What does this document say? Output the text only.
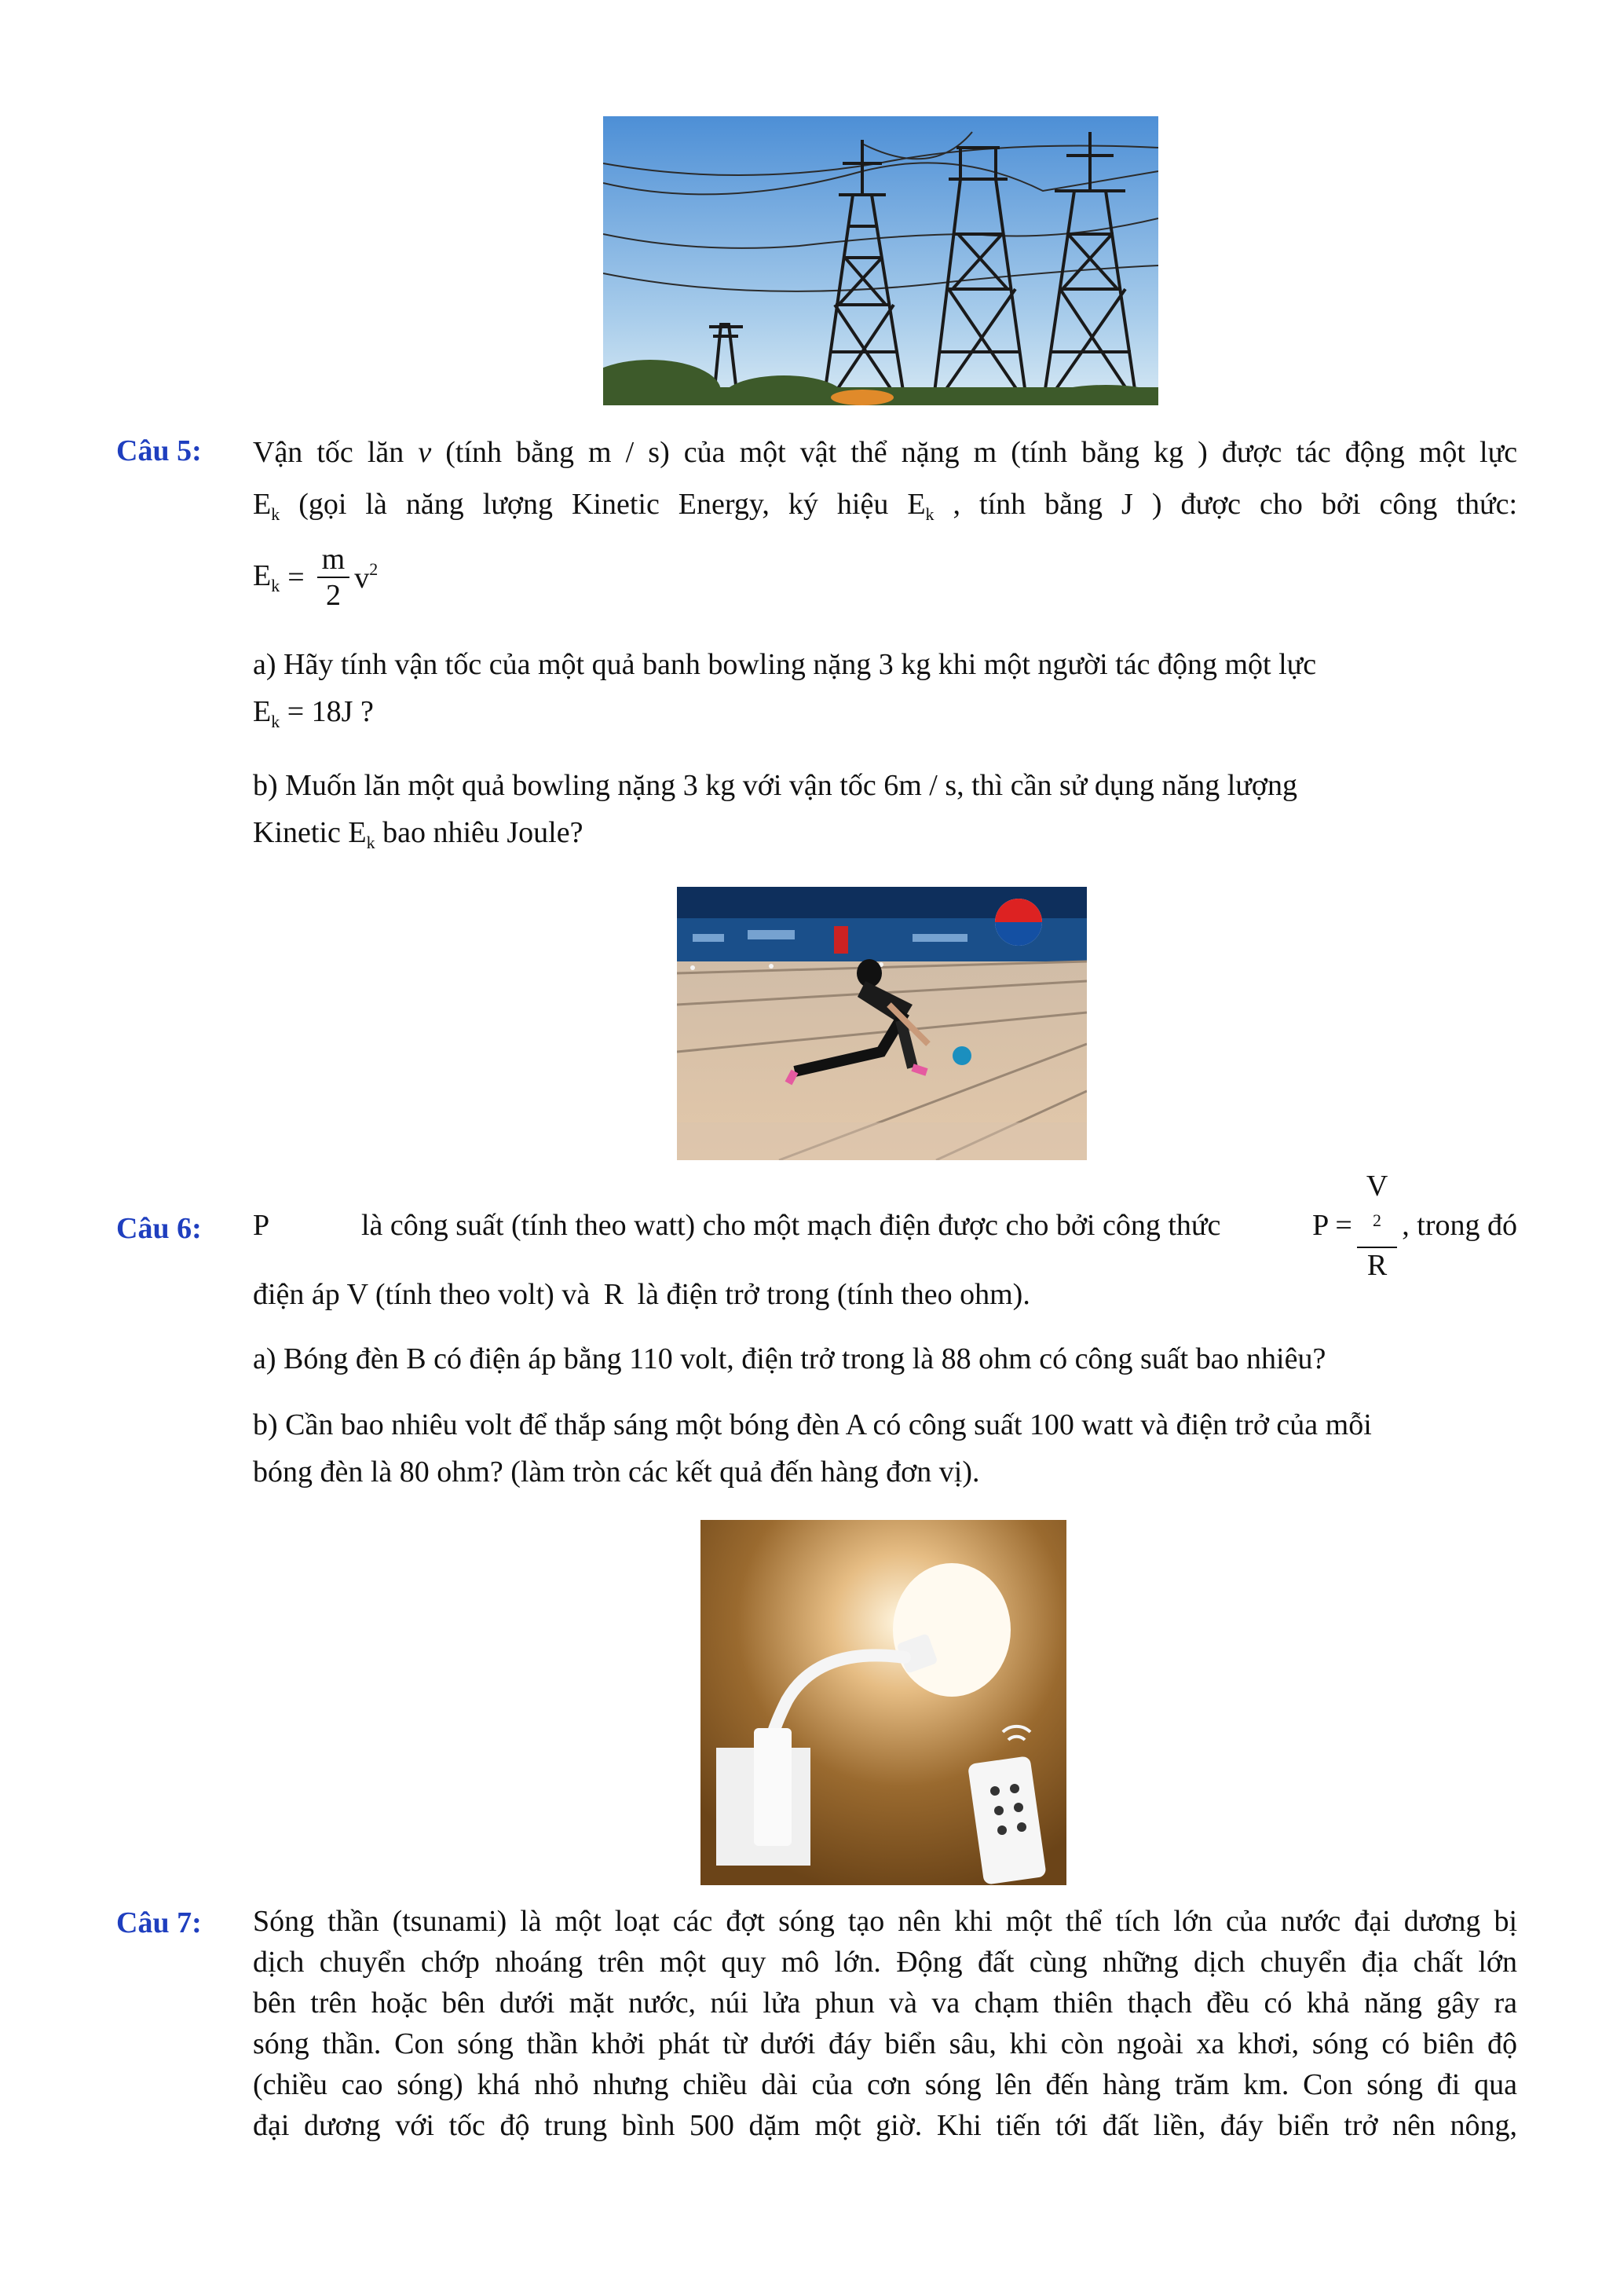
Câu 5: Vận tốc lăn v (tính bằng m / s) của một vật thể nặng m (tính bằng kg ) được tác động một lực
$E_k$ (gọi là năng lượng Kinetic Energy, ký hiệu $E_k$ , tính bằng J ) được cho bởi công thức:
$E_k = \frac{m}{2} v^2$
a) Hãy tính vận tốc của một quả banh bowling nặng 3 kg khi một người tác động một lực
$E_k = 18J$ ?
b) Muốn lăn một quả bowling nặng 3 kg với vận tốc 6m / s, thì cần sử dụng năng lượng
Kinetic $E_k$ bao nhiêu Joule?
Câu 6: P	là công suất (tính theo watt) cho một mạch điện được cho bởi công thức	P = V
$^2$
R , trong đó
điện áp V (tính theo volt) và R là điện trở trong (tính theo ohm).
a) Bóng đèn B có điện áp bằng 110 volt, điện trở trong là 88 ohm có công suất bao nhiêu?
b) Cần bao nhiêu volt để thắp sáng một bóng đèn A có công suất 100 watt và điện trở của mỗi
bóng đèn là 80 ohm? (làm tròn các kết quả đến hàng đơn vị).
Câu 7: Sóng thần (tsunami) là một loạt các đợt sóng tạo nên khi một thể tích lớn của nước đại dương bị
dịch chuyển chớp nhoáng trên một quy mô lớn. Động đất cùng những dịch chuyển địa chất lớn
bên trên hoặc bên dưới mặt nước, núi lửa phun và va chạm thiên thạch đều có khả năng gây ra
sóng thần. Con sóng thần khởi phát từ dưới đáy biển sâu, khi còn ngoài xa khơi, sóng có biên độ
(chiều cao sóng) khá nhỏ nhưng chiều dài của cơn sóng lên đến hàng trăm km. Con sóng đi qua
đại dương với tốc độ trung bình 500 dặm một giờ. Khi tiến tới đất liền, đáy biển trở nên nông,
